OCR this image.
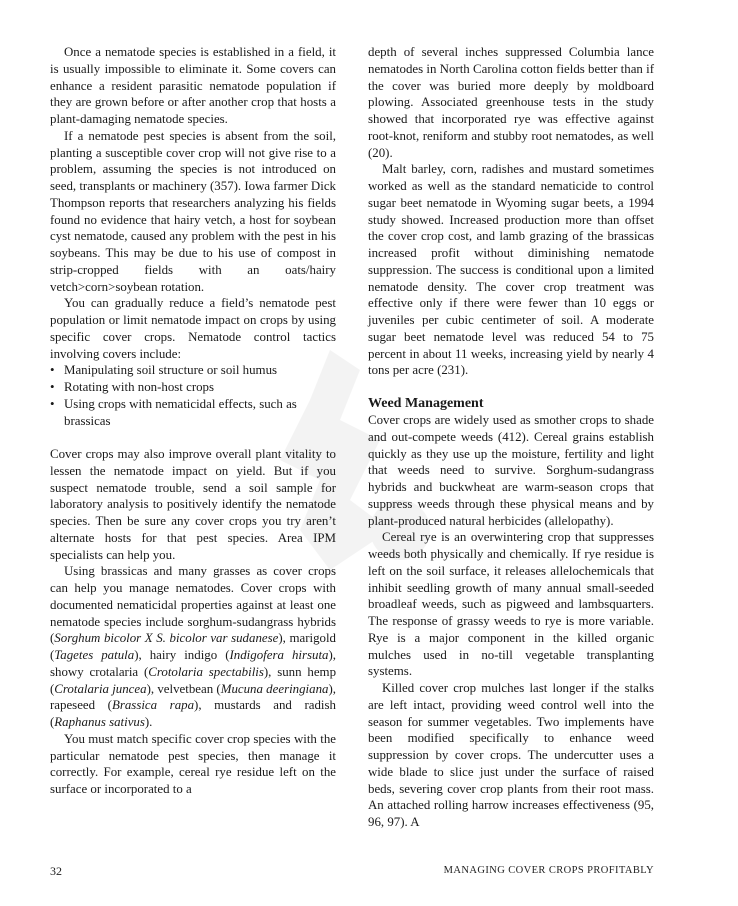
Once a nematode species is established in a field, it is usually impossible to eliminate it. Some covers can enhance a resident parasitic nematode population if they are grown before or after another crop that hosts a plant-damaging nematode species.

If a nematode pest species is absent from the soil, planting a susceptible cover crop will not give rise to a problem, assuming the species is not introduced on seed, transplants or machinery (357). Iowa farmer Dick Thompson reports that researchers analyzing his fields found no evidence that hairy vetch, a host for soybean cyst nematode, caused any problem with the pest in his soybeans. This may be due to his use of compost in strip-cropped fields with an oats/hairy vetch>corn>soybean rotation.

You can gradually reduce a field’s nematode pest population or limit nematode impact on crops by using specific cover crops. Nematode control tactics involving covers include:

• Manipulating soil structure or soil humus
• Rotating with non-host crops
• Using crops with nematicidal effects, such as brassicas

Cover crops may also improve overall plant vitality to lessen the nematode impact on yield. But if you suspect nematode trouble, send a soil sample for laboratory analysis to positively identify the nematode species. Then be sure any cover crops you try aren’t alternate hosts for that pest species. Area IPM specialists can help you.

Using brassicas and many grasses as cover crops can help you manage nematodes. Cover crops with documented nematicidal properties against at least one nematode species include sorghum-sudangrass hybrids (Sorghum bicolor X S. bicolor var sudanese), marigold (Tagetes patula), hairy indigo (Indigofera hirsuta), showy crotalaria (Crotolaria spectabilis), sunn hemp (Crotalaria juncea), velvetbean (Mucuna deeringiana), rapeseed (Brassica rapa), mustards and radish (Raphanus sativus).

You must match specific cover crop species with the particular nematode pest species, then manage it correctly. For example, cereal rye residue left on the surface or incorporated to a

depth of several inches suppressed Columbia lance nematodes in North Carolina cotton fields better than if the cover was buried more deeply by moldboard plowing. Associated greenhouse tests in the study showed that incorporated rye was effective against root-knot, reniform and stubby root nematodes, as well (20).

Malt barley, corn, radishes and mustard sometimes worked as well as the standard nematicide to control sugar beet nematode in Wyoming sugar beets, a 1994 study showed. Increased production more than offset the cover crop cost, and lamb grazing of the brassicas increased profit without diminishing nematode suppression. The success is conditional upon a limited nematode density. The cover crop treatment was effective only if there were fewer than 10 eggs or juveniles per cubic centimeter of soil. A moderate sugar beet nematode level was reduced 54 to 75 percent in about 11 weeks, increasing yield by nearly 4 tons per acre (231).

Weed Management

Cover crops are widely used as smother crops to shade and out-compete weeds (412). Cereal grains establish quickly as they use up the moisture, fertility and light that weeds need to survive. Sorghum-sudangrass hybrids and buckwheat are warm-season crops that suppress weeds through these physical means and by plant-produced natural herbicides (allelopathy).

Cereal rye is an overwintering crop that suppresses weeds both physically and chemically. If rye residue is left on the soil surface, it releases allelochemicals that inhibit seedling growth of many annual small-seeded broadleaf weeds, such as pigweed and lambsquarters. The response of grassy weeds to rye is more variable. Rye is a major component in the killed organic mulches used in no-till vegetable transplanting systems.

Killed cover crop mulches last longer if the stalks are left intact, providing weed control well into the season for summer vegetables. Two implements have been modified specifically to enhance weed suppression by cover crops. The undercutter uses a wide blade to slice just under the surface of raised beds, severing cover crop plants from their root mass. An attached rolling harrow increases effectiveness (95, 96, 97). A

32	MANAGING COVER CROPS PROFITABLY
